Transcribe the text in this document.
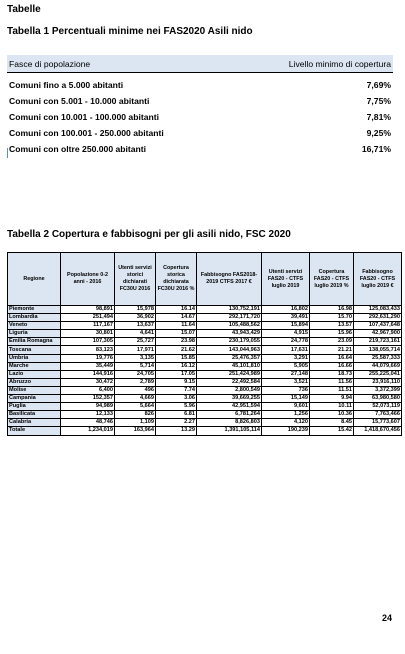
Tabelle
Tabella 1 Percentuali minime nei FAS2020 Asili nido
Fasce di popolazione	Livello minimo di copertura

Comuni fino a 5.000 abitanti	7,69%
Comuni con 5.001 - 10.000 abitanti	7,75%
Comuni con 10.001 - 100.000 abitanti	7,81%
Comuni con 100.001 - 250.000 abitanti	9,25%
Comuni con oltre 250.000 abitanti	16,71%
Tabella 2 Copertura e fabbisogni per gli asili nido, FSC 2020
Regione	Popolazione 0-2 anni - 2016	Utenti servizi storici dichiarati FC30U 2016	Copertura storica dichiarata FC30U 2016 %	Fabbisogno FAS2018-2019 CTFS 2017 €	Utenti servizi FAS20 - CTFS luglio 2019	Copertura FAS20 - CTFS luglio 2019 %	Fabbisogno FAS20 - CTFS luglio 2019 €
Piemonte	98,891	15,978	16.14	130,752,191	16,802	16.98	125,083,433
Lombardia	251,494	36,902	14.67	292,171,720	39,491	15.70	292,631,290
Veneto	117,167	13,637	11.64	105,488,562	15,894	13.57	107,437,648
Liguria	30,801	4,641	15.07	43,943,429	4,915	15.96	42,967,900
Emilia Romagna	107,305	25,727	23.98	230,179,055	24,778	23.09	219,723,161
Toscana	83,123	17,971	21.62	143,044,963	17,631	21.21	138,055,714
Umbria	19,776	3,135	15.85	25,476,357	3,291	16.64	25,587,333
Marche	35,449	5,714	16.12	45,101,810	5,905	16.66	44,079,669
Lazio	144,916	24,705	17.05	251,424,989	27,148	18.73	255,225,041
Abruzzo	30,472	2,789	9.15	22,492,584	3,521	11.56	23,916,110
Molise	6,400	496	7.74	2,800,549	736	11.51	3,372,399
Campania	152,357	4,669	3.06	39,669,255	15,149	9.94	63,980,580
Puglia	94,989	5,664	5.96	42,951,594	9,601	10.11	52,073,119
Basilicata	12,133	826	6.81	6,781,264	1,256	10.36	7,763,466
Calabria	48,746	1,109	2.27	8,826,803	4,120	8.45	15,773,607
Totale	1,234,019	163,964	13.29	1,391,105,114	190,239	15.42	1,418,670,456
24
